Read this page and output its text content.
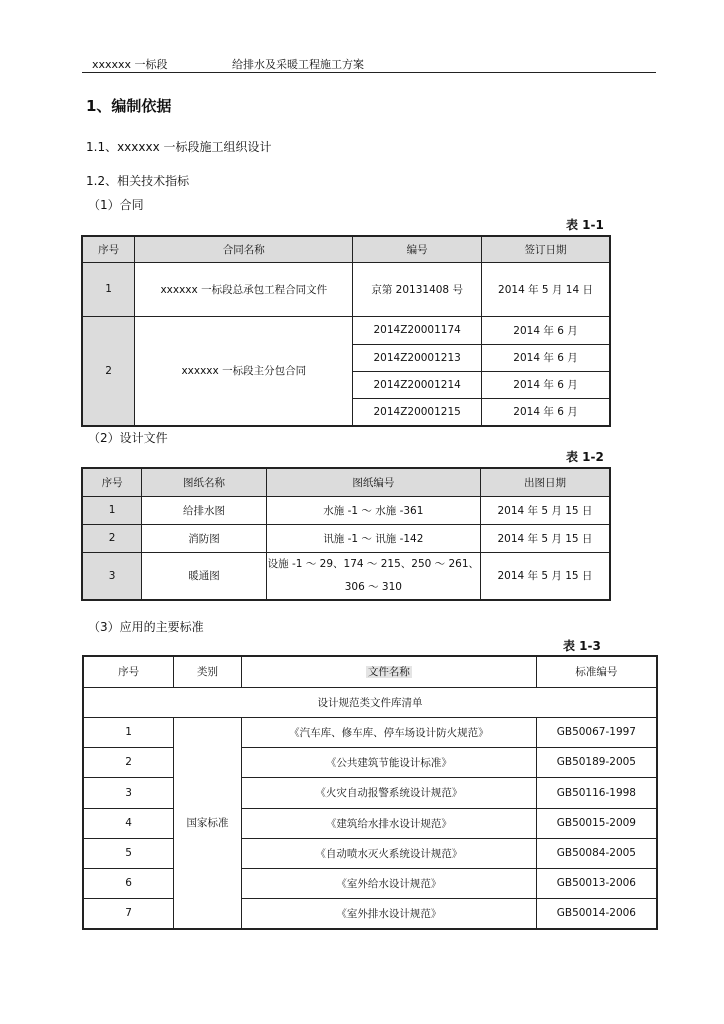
xxxxxx 一标段	给排水及采暖工程施工方案
1、编制依据
1.1、xxxxxx 一标段施工组织设计
1.2、相关技术指标
（1）合同
表 1-1
序号	合同名称	编号	签订日期
1	xxxxxx 一标段总承包工程合同文件	京第 20131408 号	2014 年 5 月 14 日
2	xxxxxx 一标段主分包合同	2014Z20001174	2014 年 6 月
		2014Z20001213	2014 年 6 月
		2014Z20001214	2014 年 6 月
		2014Z20001215	2014 年 6 月
（2）设计文件
表 1-2
序号	图纸名称	图纸编号	出图日期
1	给排水图	水施 -1 ～ 水施 -361	2014 年 5 月 15 日
2	消防图	讯施 -1 ～ 讯施 -142	2014 年 5 月 15 日
3	暖通图	设施 -1 ～ 29、174 ～ 215、250 ～ 261、
306 ～ 310	2014 年 5 月 15 日
（3）应用的主要标准
表 1-3
序号	类别	文件名称	标准编号
设计规范类文件库清单			
1	国家标准	《汽车库、修车库、停车场设计防火规范》	GB50067-1997
2		《公共建筑节能设计标准》	GB50189-2005
3		《火灾自动报警系统设计规范》	GB50116-1998
4		《建筑给水排水设计规范》	GB50015-2009
5		《自动喷水灭火系统设计规范》	GB50084-2005
6		《室外给水设计规范》	GB50013-2006
7		《室外排水设计规范》	GB50014-2006
